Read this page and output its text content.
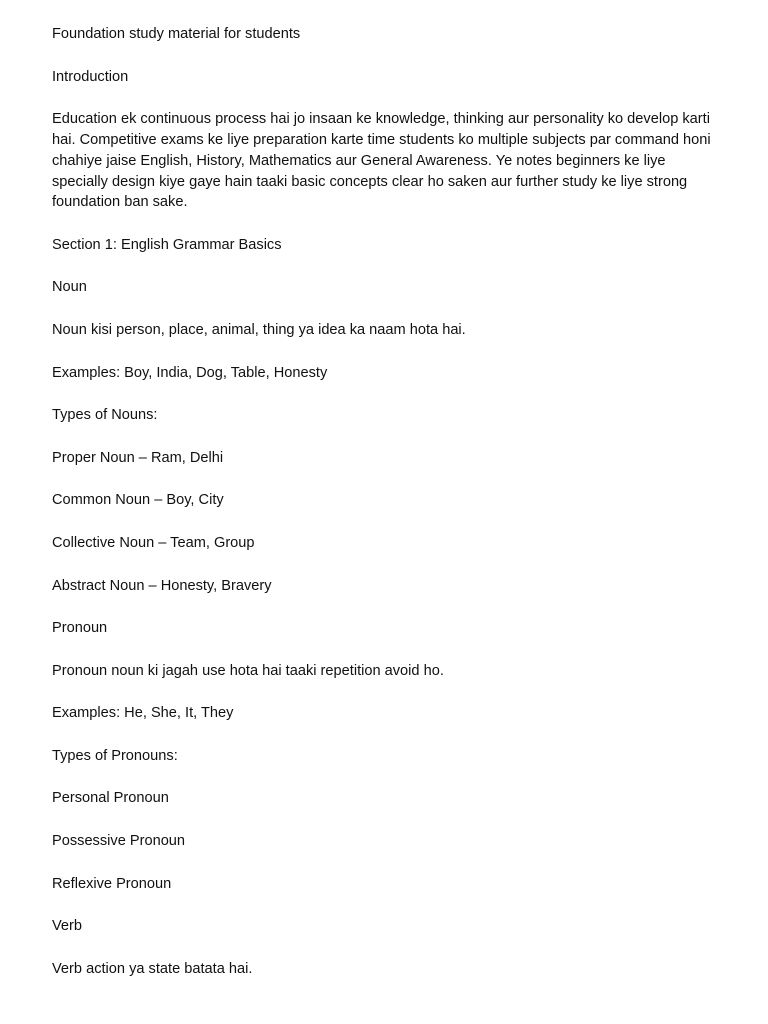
Foundation study material for students
Introduction
Education ek continuous process hai jo insaan ke knowledge, thinking aur personality ko develop karti hai. Competitive exams ke liye preparation karte time students ko multiple subjects par command honi chahiye jaise English, History, Mathematics aur General Awareness. Ye notes beginners ke liye specially design kiye gaye hain taaki basic concepts clear ho saken aur further study ke liye strong foundation ban sake.
Section 1: English Grammar Basics
Noun
Noun kisi person, place, animal, thing ya idea ka naam hota hai.
Examples: Boy, India, Dog, Table, Honesty
Types of Nouns:
Proper Noun – Ram, Delhi
Common Noun – Boy, City
Collective Noun – Team, Group
Abstract Noun – Honesty, Bravery
Pronoun
Pronoun noun ki jagah use hota hai taaki repetition avoid ho.
Examples: He, She, It, They
Types of Pronouns:
Personal Pronoun
Possessive Pronoun
Reflexive Pronoun
Verb
Verb action ya state batata hai.
